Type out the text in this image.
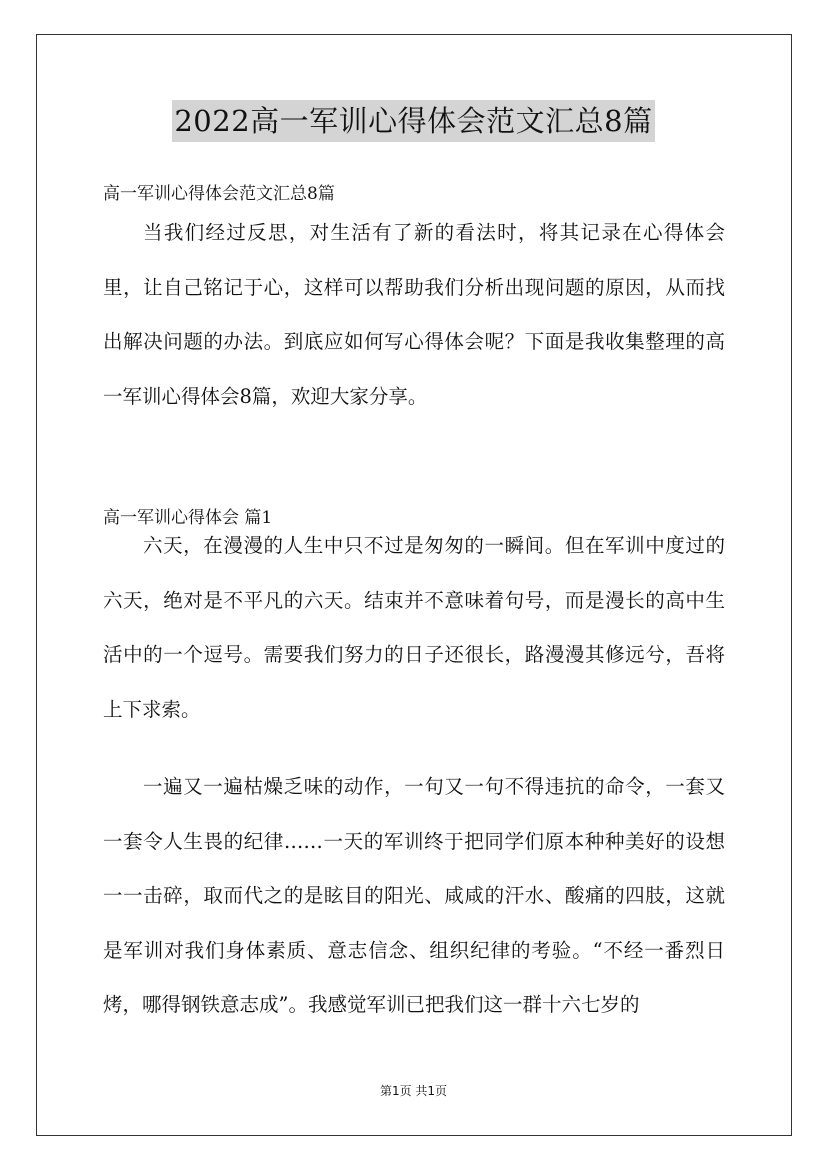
2022高一军训心得体会范文汇总8篇
高一军训心得体会范文汇总8篇

当我们经过反思，对生活有了新的看法时，将其记录在心得体会里，让自己铭记于心，这样可以帮助我们分析出现问题的原因，从而找出解决问题的办法。到底应如何写心得体会呢？下面是我收集整理的高一军训心得体会8篇，欢迎大家分享。

高一军训心得体会 篇1

六天，在漫漫的人生中只不过是匆匆的一瞬间。但在军训中度过的六天，绝对是不平凡的六天。结束并不意味着句号，而是漫长的高中生活中的一个逗号。需要我们努力的日子还很长，路漫漫其修远兮，吾将上下求索。

一遍又一遍枯燥乏味的动作，一句又一句不得违抗的命令，一套又一套令人生畏的纪律……一天的军训终于把同学们原本种种美好的设想一一击碎，取而代之的是眩目的阳光、咸咸的汗水、酸痛的四肢，这就是军训对我们身体素质、意志信念、组织纪律的考验。“不经一番烈日烤，哪得钢铁意志成”。我感觉军训已把我们这一群十六七岁的

第1页 共1页
